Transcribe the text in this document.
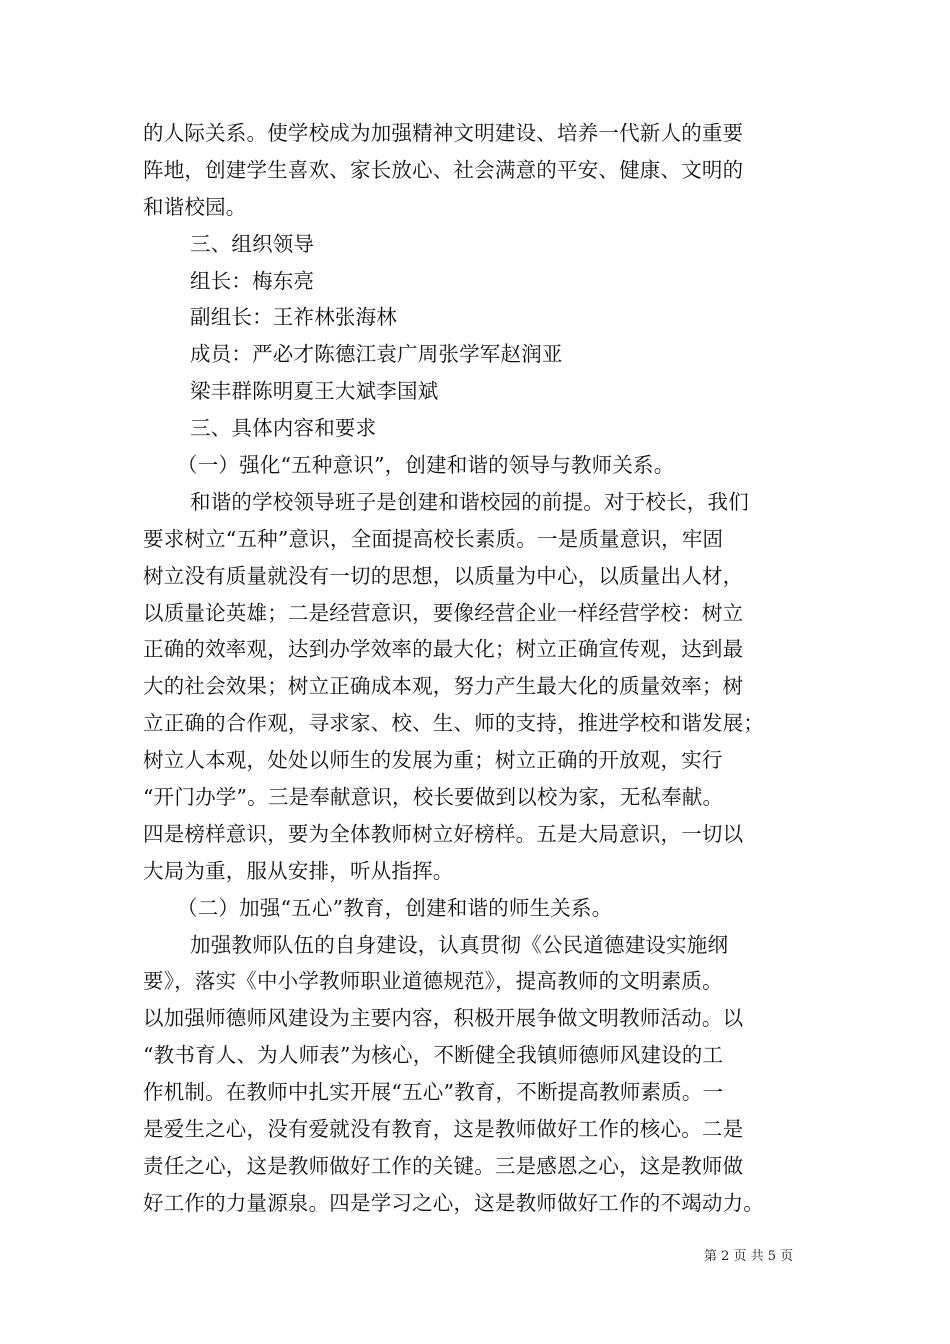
的人际关系。使学校成为加强精神文明建设、培养一代新人的重要
阵地，创建学生喜欢、家长放心、社会满意的平安、健康、文明的
和谐校园。
三、组织领导
组长：梅东亮
副组长：王祚林张海林
成员：严必才陈德江袁广周张学军赵润亚
梁丰群陈明夏王大斌李国斌
三、具体内容和要求
（一）强化“五种意识”，创建和谐的领导与教师关系。
和谐的学校领导班子是创建和谐校园的前提。对于校长，我们
要求树立“五种”意识，全面提高校长素质。一是质量意识，牢固
树立没有质量就没有一切的思想，以质量为中心，以质量出人材，
以质量论英雄；二是经营意识，要像经营企业一样经营学校：树立
正确的效率观，达到办学效率的最大化；树立正确宣传观，达到最
大的社会效果；树立正确成本观，努力产生最大化的质量效率；树
立正确的合作观，寻求家、校、生、师的支持，推进学校和谐发展；
树立人本观，处处以师生的发展为重；树立正确的开放观，实行
“开门办学”。三是奉献意识，校长要做到以校为家，无私奉献。
四是榜样意识，要为全体教师树立好榜样。五是大局意识，一切以
大局为重，服从安排，听从指挥。
（二）加强“五心”教育，创建和谐的师生关系。
加强教师队伍的自身建设，认真贯彻《公民道德建设实施纲
要》，落实《中小学教师职业道德规范》，提高教师的文明素质。
以加强师德师风建设为主要内容，积极开展争做文明教师活动。以
“教书育人、为人师表”为核心，不断健全我镇师德师风建设的工
作机制。在教师中扎实开展“五心”教育，不断提高教师素质。一
是爱生之心，没有爱就没有教育，这是教师做好工作的核心。二是
责任之心，这是教师做好工作的关键。三是感恩之心，这是教师做
好工作的力量源泉。四是学习之心，这是教师做好工作的不竭动力。
第 2 页 共 5 页
